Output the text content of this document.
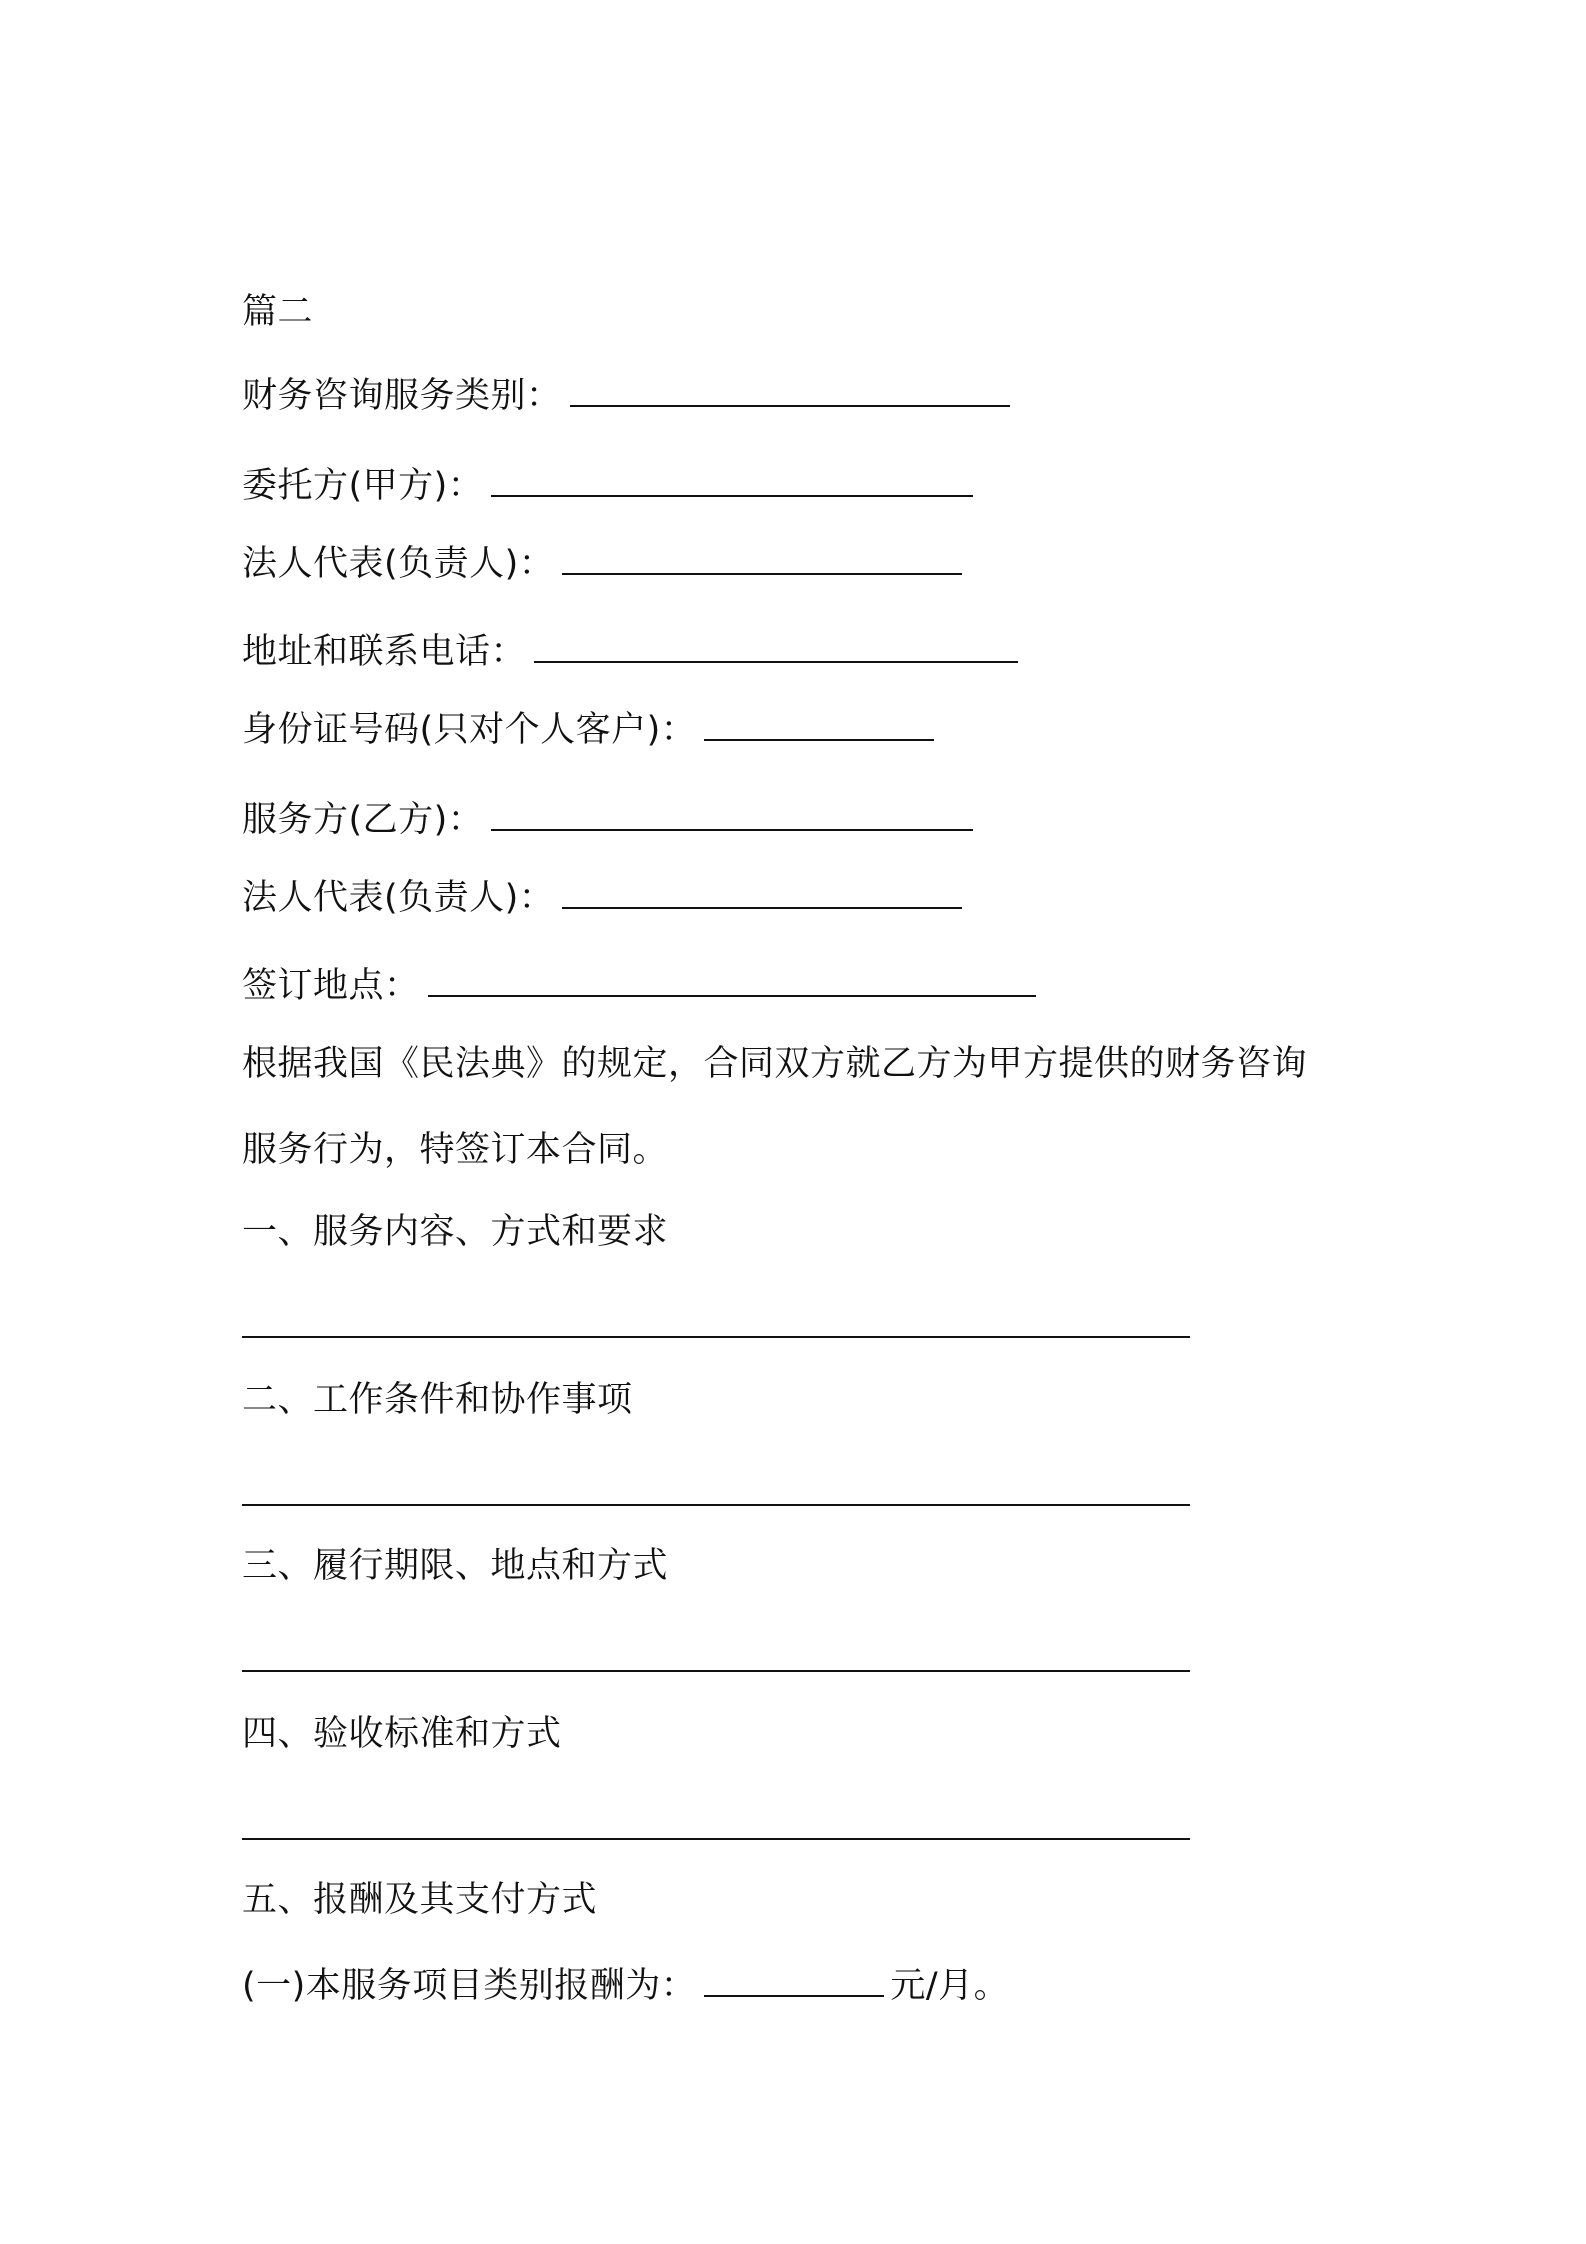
篇二
财务咨询服务类别：
委托方(甲方)：
法人代表(负责人)：
地址和联系电话：
身份证号码(只对个人客户)：
服务方(乙方)：
法人代表(负责人)：
签订地点：
根据我国《民法典》的规定，合同双方就乙方为甲方提供的财务咨询
服务行为，特签订本合同。
一、服务内容、方式和要求
二、工作条件和协作事项
三、履行期限、地点和方式
四、验收标准和方式
五、报酬及其支付方式
(一)本服务项目类别报酬为：	元/月。
